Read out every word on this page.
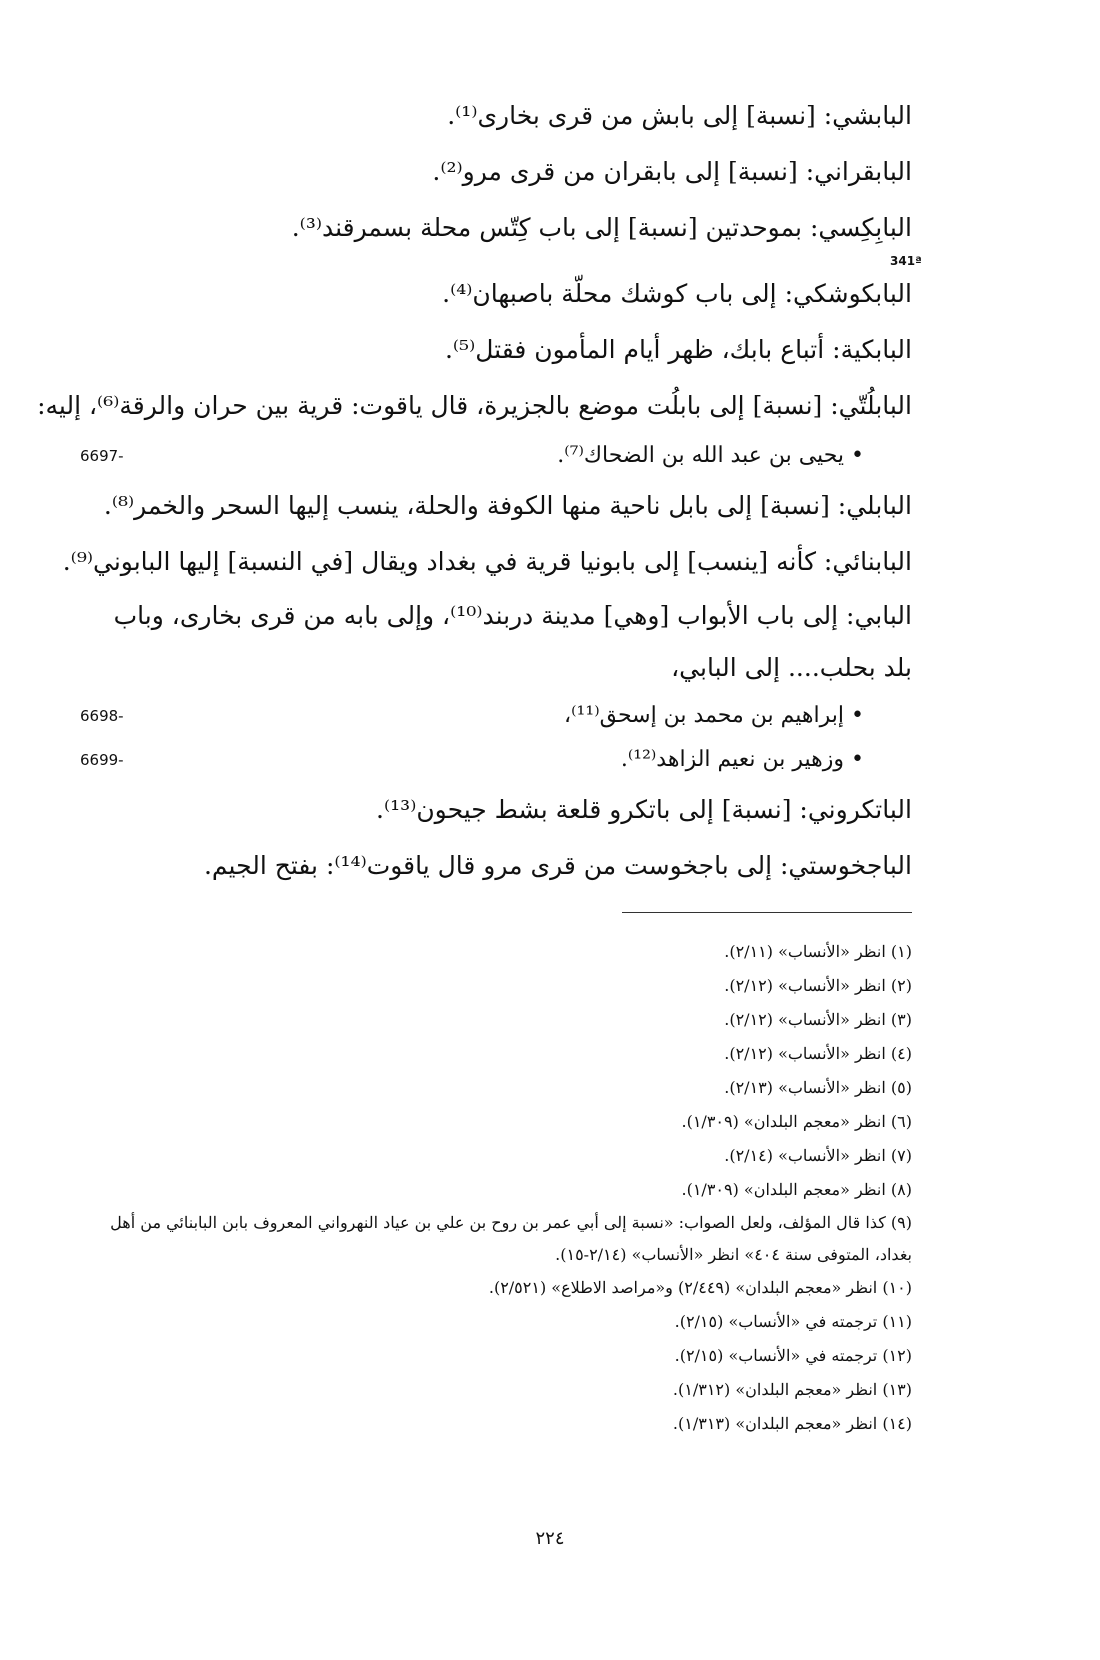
البابشي: [نسبة] إلى بابش من قرى بخارى⁽¹⁾.
البابقراني: [نسبة] إلى بابقران من قرى مرو⁽²⁾.
البابِكِسي: بموحدتين [نسبة] إلى باب كِتّس محلة بسمرقند⁽³⁾.
341ª
البابكوشكي: إلى باب كوشك محلّة باصبهان⁽⁴⁾.
البابكية: أتباع بابك، ظهر أيام المأمون فقتل⁽⁵⁾.
البابلُتّي: [نسبة] إلى بابلُت موضع بالجزيرة، قال ياقوت: قرية بين حران والرقة⁽⁶⁾، إليه:
• يحيى بن عبد الله بن الضحاك⁽⁷⁾.
6697-
البابلي: [نسبة] إلى بابل ناحية منها الكوفة والحلة، ينسب إليها السحر والخمر⁽⁸⁾.
البابنائي: كأنه [ينسب] إلى بابونيا قرية في بغداد ويقال [في النسبة] إليها البابوني⁽⁹⁾.
البابي: إلى باب الأبواب [وهي] مدينة دربند⁽¹⁰⁾، وإلى بابه من قرى بخارى، وباب بلد بحلب.... إلى البابي،
• إبراهيم بن محمد بن إسحق⁽¹¹⁾،
6698-
• وزهير بن نعيم الزاهد⁽¹²⁾.
6699-
الباتكروني: [نسبة] إلى باتكرو قلعة بشط جيحون⁽¹³⁾.
الباجخوستي: إلى باجخوست من قرى مرو قال ياقوت⁽¹⁴⁾: بفتح الجيم.
(١) انظر «الأنساب» (٢/١١).
(٢) انظر «الأنساب» (٢/١٢).
(٣) انظر «الأنساب» (٢/١٢).
(٤) انظر «الأنساب» (٢/١٢).
(٥) انظر «الأنساب» (٢/١٣).
(٦) انظر «معجم البلدان» (١/٣٠٩).
(٧) انظر «الأنساب» (٢/١٤).
(٨) انظر «معجم البلدان» (١/٣٠٩).
(٩) كذا قال المؤلف، ولعل الصواب: «نسبة إلى أبي عمر بن روح بن علي بن عياد النهرواني المعروف بابن البابنائي من أهل بغداد، المتوفى سنة ٤٠٤» انظر «الأنساب» (٢/١٤-١٥).
(١٠) انظر «معجم البلدان» (٢/٤٤٩) و«مراصد الاطلاع» (٢/٥٢١).
(١١) ترجمته في «الأنساب» (٢/١٥).
(١٢) ترجمته في «الأنساب» (٢/١٥).
(١٣) انظر «معجم البلدان» (١/٣١٢).
(١٤) انظر «معجم البلدان» (١/٣١٣).
٢٢٤
